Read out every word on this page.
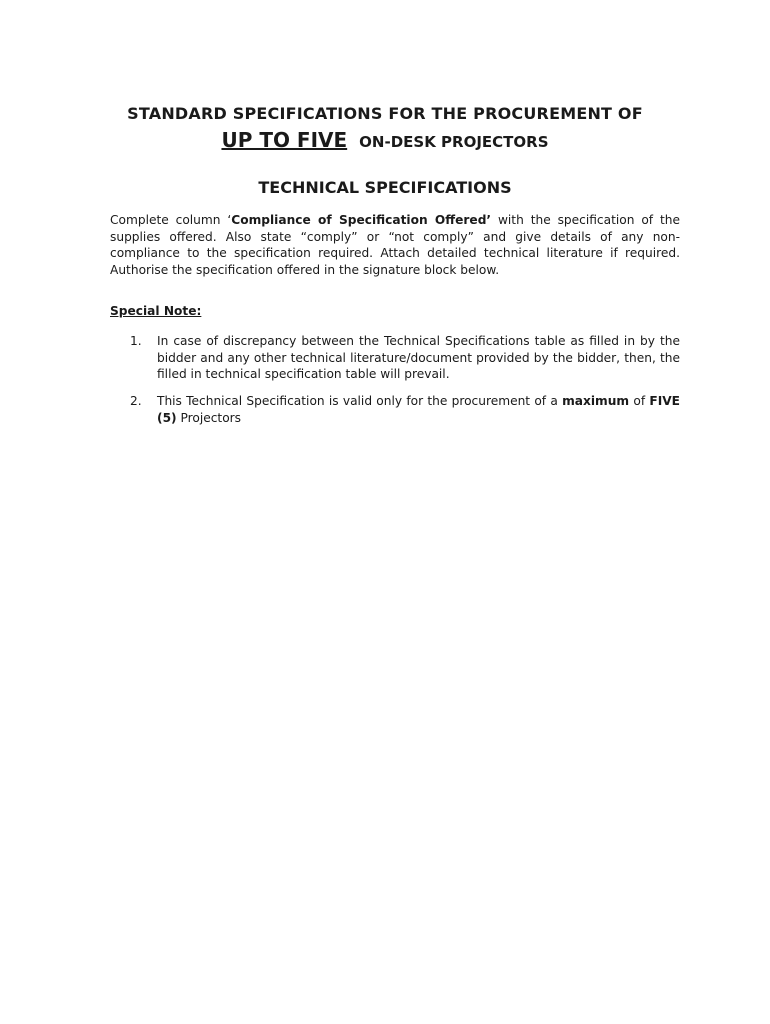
STANDARD SPECIFICATIONS FOR THE PROCUREMENT OF
UP TO FIVE ON-DESK PROJECTORS
TECHNICAL SPECIFICATIONS

Complete column ‘Compliance of Specification Offered’ with the specification of the supplies offered. Also state “comply” or “not comply” and give details of any non-compliance to the specification required. Attach detailed technical literature if required. Authorise the specification offered in the signature block below.

Special Note:
1. In case of discrepancy between the Technical Specifications table as filled in by the bidder and any other technical literature/document provided by the bidder, then, the filled in technical specification table will prevail.
2. This Technical Specification is valid only for the procurement of a maximum of FIVE (5) Projectors
